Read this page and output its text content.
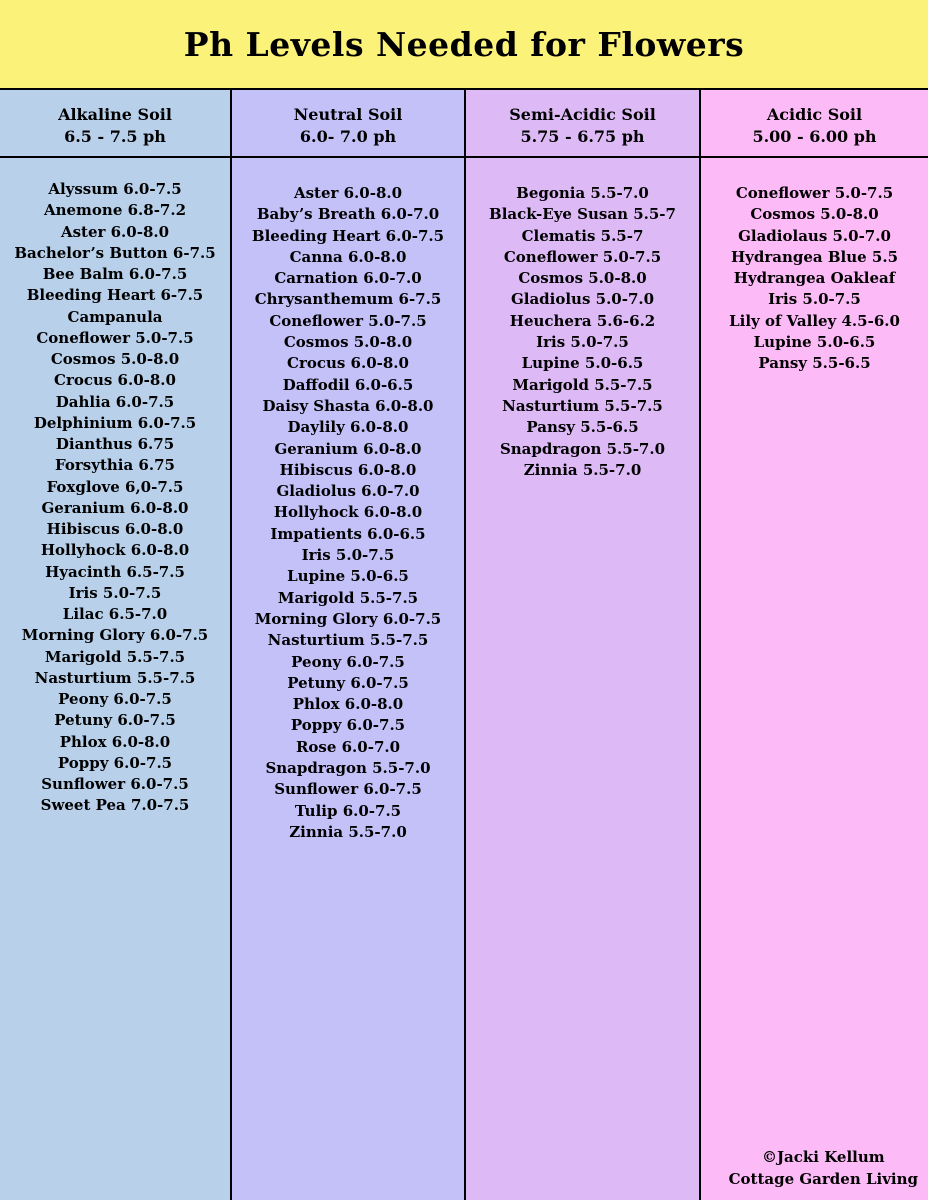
Ph Levels Needed for Flowers
Alkaline Soil
6.5 - 7.5 ph
Alyssum 6.0-7.5
Anemone 6.8-7.2
Aster 6.0-8.0
Bachelor’s Button 6-7.5
Bee Balm 6.0-7.5
Bleeding Heart 6-7.5
Campanula
Coneflower 5.0-7.5
Cosmos 5.0-8.0
Crocus 6.0-8.0
Dahlia 6.0-7.5
Delphinium 6.0-7.5
Dianthus 6.75
Forsythia 6.75
Foxglove 6,0-7.5
Geranium 6.0-8.0
Hibiscus 6.0-8.0
Hollyhock 6.0-8.0
Hyacinth 6.5-7.5
Iris 5.0-7.5
Lilac 6.5-7.0
Morning Glory 6.0-7.5
Marigold 5.5-7.5
Nasturtium 5.5-7.5
Peony 6.0-7.5
Petuny 6.0-7.5
Phlox 6.0-8.0
Poppy 6.0-7.5
Sunflower 6.0-7.5
Sweet Pea 7.0-7.5
Neutral Soil
6.0- 7.0 ph
Aster 6.0-8.0
Baby’s Breath 6.0-7.0
Bleeding Heart 6.0-7.5
Canna 6.0-8.0
Carnation 6.0-7.0
Chrysanthemum 6-7.5
Coneflower 5.0-7.5
Cosmos 5.0-8.0
Crocus 6.0-8.0
Daffodil 6.0-6.5
Daisy Shasta 6.0-8.0
Daylily 6.0-8.0
Geranium 6.0-8.0
Hibiscus 6.0-8.0
Gladiolus 6.0-7.0
Hollyhock 6.0-8.0
Impatients 6.0-6.5
Iris 5.0-7.5
Lupine 5.0-6.5
Marigold 5.5-7.5
Morning Glory 6.0-7.5
Nasturtium 5.5-7.5
Peony 6.0-7.5
Petuny 6.0-7.5
Phlox 6.0-8.0
Poppy 6.0-7.5
Rose 6.0-7.0
Snapdragon 5.5-7.0
Sunflower 6.0-7.5
Tulip 6.0-7.5
Zinnia 5.5-7.0
Semi-Acidic Soil
5.75 - 6.75 ph
Begonia 5.5-7.0
Black-Eye Susan 5.5-7
Clematis 5.5-7
Coneflower 5.0-7.5
Cosmos 5.0-8.0
Gladiolus 5.0-7.0
Heuchera 5.6-6.2
Iris 5.0-7.5
Lupine 5.0-6.5
Marigold 5.5-7.5
Nasturtium 5.5-7.5
Pansy 5.5-6.5
Snapdragon 5.5-7.0
Zinnia 5.5-7.0
Acidic Soil
5.00 - 6.00 ph
Coneflower 5.0-7.5
Cosmos 5.0-8.0
Gladiolaus 5.0-7.0
Hydrangea Blue 5.5
Hydrangea Oakleaf
Iris 5.0-7.5
Lily of Valley 4.5-6.0
Lupine 5.0-6.5
Pansy 5.5-6.5
©Jacki Kellum
Cottage Garden Living
